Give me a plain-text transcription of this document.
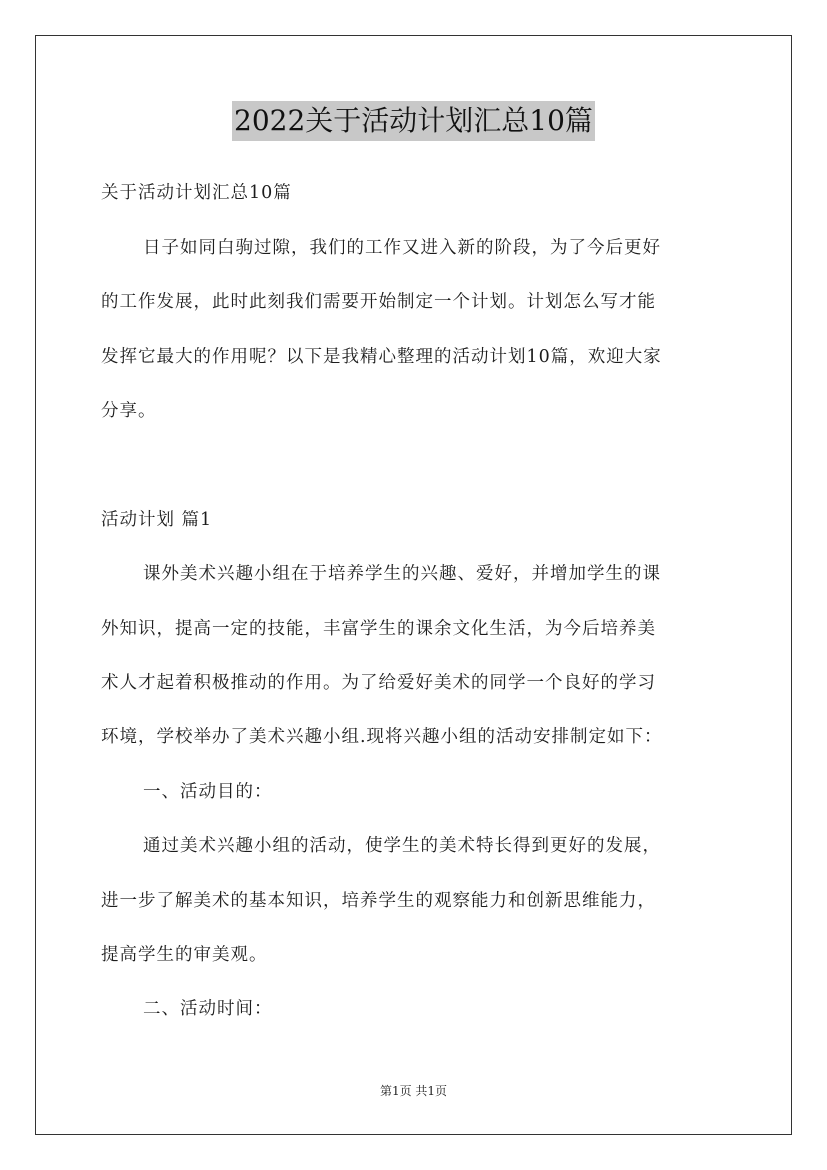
2022关于活动计划汇总10篇
关于活动计划汇总10篇
日子如同白驹过隙，我们的工作又进入新的阶段，为了今后更好
的工作发展，此时此刻我们需要开始制定一个计划。计划怎么写才能
发挥它最大的作用呢？以下是我精心整理的活动计划10篇，欢迎大家
分享。
活动计划 篇1
课外美术兴趣小组在于培养学生的兴趣、爱好，并增加学生的课
外知识，提高一定的技能，丰富学生的课余文化生活，为今后培养美
术人才起着积极推动的作用。为了给爱好美术的同学一个良好的学习
环境，学校举办了美术兴趣小组.现将兴趣小组的活动安排制定如下：
一、活动目的：
通过美术兴趣小组的活动，使学生的美术特长得到更好的发展，
进一步了解美术的基本知识，培养学生的观察能力和创新思维能力，
提高学生的审美观。
二、活动时间：
第1页 共1页
